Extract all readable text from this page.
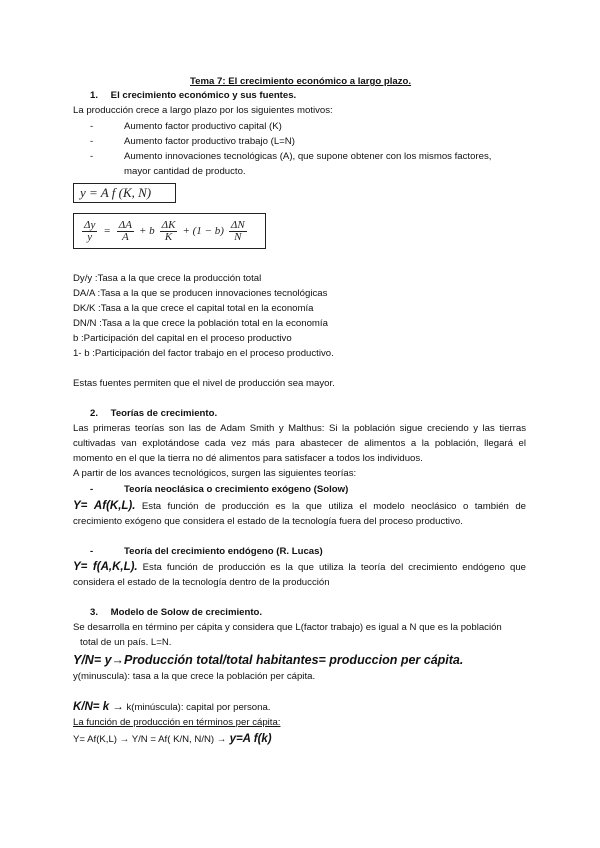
Tema 7: El crecimiento económico a largo plazo.
1. El crecimiento económico y sus fuentes.
La producción crece a largo plazo por los siguientes motivos:
-	Aumento factor productivo capital (K)
-	Aumento factor productivo trabajo (L=N)
-	Aumento innovaciones tecnológicas (A), que supone obtener con los mismos factores,
mayor cantidad de producto.
y = A f (K, N)
$\frac{\Delta y}{y} = \frac{\Delta A}{A} + b \frac{\Delta K}{K} + (1 - b) \frac{\Delta N}{N}$
Dy/y :Tasa a la que crece la producción total
DA/A :Tasa a la que se producen innovaciones tecnológicas
DK/K :Tasa a la que crece el capital total en la economía
DN/N :Tasa a la que crece la población total en la economía
b :Participación del capital en el proceso productivo
1- b :Participación del factor trabajo en el proceso productivo.
Estas fuentes permiten que el nivel de producción sea mayor.
2. Teorías de crecimiento.
Las primeras teorías son las de Adam Smith y Malthus: Si la población sigue creciendo y las tierras
cultivadas van explotándose cada vez más para abastecer de alimentos a la población, llegará el
momento en el que la tierra no dé alimentos para satisfacer a todos los individuos.
A partir de los avances tecnológicos, surgen las siguientes teorías:
-	Teoría neoclásica o crecimiento exógeno (Solow)
Y= Af(K,L). Esta función de producción es la que utiliza el modelo neoclásico o también de
crecimiento exógeno que considera el estado de la tecnología fuera del proceso productivo.
-	Teoría del crecimiento endógeno (R. Lucas)
Y= f(A,K,L). Esta función de producción es la que utiliza la teoría del crecimiento endógeno que
considera el estado de la tecnología dentro de la producción
3. Modelo de Solow de crecimiento.
Se desarrolla en término per cápita y considera que L(factor trabajo) es igual a N que es la población
total de un país. L=N.
Y/N= y→Producción total/total habitantes= produccion per cápita.
y(minuscula): tasa a la que crece la población per cápita.
K/N= k → k(minúscula): capital por persona.
La función de producción en términos per cápita:
Y= Af(K,L) → Y/N = Af( K/N, N/N) → y=A f(k)
